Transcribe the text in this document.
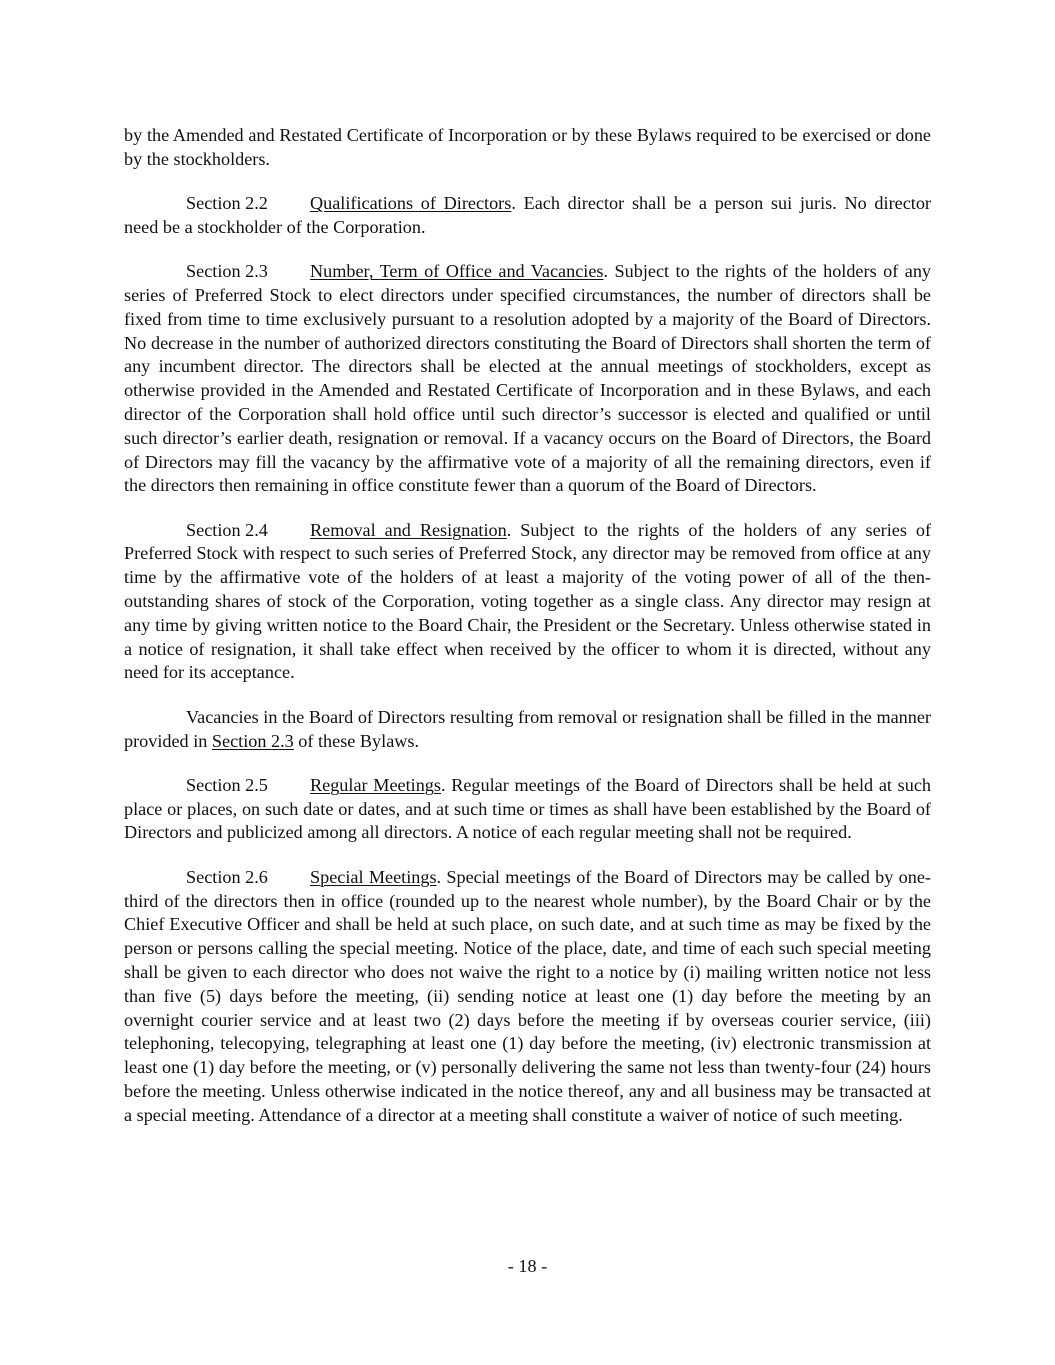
by the Amended and Restated Certificate of Incorporation or by these Bylaws required to be exercised or done by the stockholders.

Section 2.2 Qualifications of Directors. Each director shall be a person sui juris. No director need be a stockholder of the Corporation.

Section 2.3 Number, Term of Office and Vacancies. Subject to the rights of the holders of any series of Preferred Stock to elect directors under specified circumstances, the number of directors shall be fixed from time to time exclusively pursuant to a resolution adopted by a majority of the Board of Directors. No decrease in the number of authorized directors constituting the Board of Directors shall shorten the term of any incumbent director. The directors shall be elected at the annual meetings of stockholders, except as otherwise provided in the Amended and Restated Certificate of Incorporation and in these Bylaws, and each director of the Corporation shall hold office until such director’s successor is elected and qualified or until such director’s earlier death, resignation or removal. If a vacancy occurs on the Board of Directors, the Board of Directors may fill the vacancy by the affirmative vote of a majority of all the remaining directors, even if the directors then remaining in office constitute fewer than a quorum of the Board of Directors.

Section 2.4 Removal and Resignation. Subject to the rights of the holders of any series of Preferred Stock with respect to such series of Preferred Stock, any director may be removed from office at any time by the affirmative vote of the holders of at least a majority of the voting power of all of the then-outstanding shares of stock of the Corporation, voting together as a single class. Any director may resign at any time by giving written notice to the Board Chair, the President or the Secretary. Unless otherwise stated in a notice of resignation, it shall take effect when received by the officer to whom it is directed, without any need for its acceptance.

Vacancies in the Board of Directors resulting from removal or resignation shall be filled in the manner provided in Section 2.3 of these Bylaws.

Section 2.5 Regular Meetings. Regular meetings of the Board of Directors shall be held at such place or places, on such date or dates, and at such time or times as shall have been established by the Board of Directors and publicized among all directors. A notice of each regular meeting shall not be required.

Section 2.6 Special Meetings. Special meetings of the Board of Directors may be called by one-third of the directors then in office (rounded up to the nearest whole number), by the Board Chair or by the Chief Executive Officer and shall be held at such place, on such date, and at such time as may be fixed by the person or persons calling the special meeting. Notice of the place, date, and time of each such special meeting shall be given to each director who does not waive the right to a notice by (i) mailing written notice not less than five (5) days before the meeting, (ii) sending notice at least one (1) day before the meeting by an overnight courier service and at least two (2) days before the meeting if by overseas courier service, (iii) telephoning, telecopying, telegraphing at least one (1) day before the meeting, (iv) electronic transmission at least one (1) day before the meeting, or (v) personally delivering the same not less than twenty-four (24) hours before the meeting. Unless otherwise indicated in the notice thereof, any and all business may be transacted at a special meeting. Attendance of a director at a meeting shall constitute a waiver of notice of such meeting.

- 18 -
